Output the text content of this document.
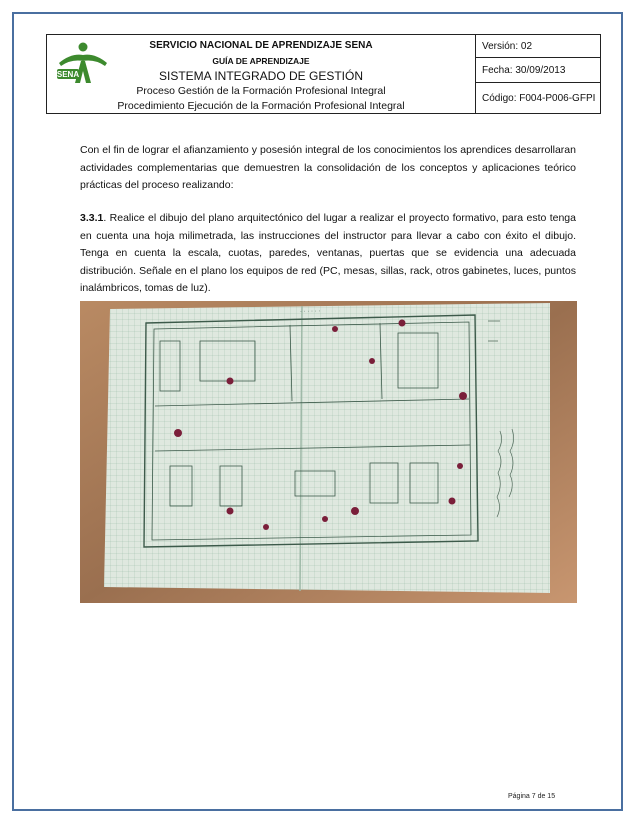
SENA
SERVICIO NACIONAL DE APRENDIZAJE SENA
GUÍA DE APRENDIZAJE
SISTEMA INTEGRADO DE GESTIÓN
Proceso Gestión de la Formación Profesional Integral
Procedimiento Ejecución de la Formación Profesional Integral
Versión: 02
Fecha: 30/09/2013
Código: F004-P006-GFPI
Con el fin de lograr el afianzamiento y posesión integral de los conocimientos los aprendices desarrollaran actividades complementarias que demuestren la consolidación de los conceptos y aplicaciones teórico prácticas del proceso realizando:
3.3.1. Realice el dibujo del plano arquitectónico del lugar a realizar el proyecto formativo, para esto tenga en cuenta una hoja milimetrada, las instrucciones del instructor para llevar a cabo con éxito el dibujo. Tenga en cuenta la escala, cuotas, paredes, ventanas, puertas que se evidencia una adecuada distribución. Señale en el plano los equipos de red (PC, mesas, sillas, rack, otros gabinetes, luces, puntos inalámbricos, tomas de luz).
· · · · · ·
Página 7 de 15
